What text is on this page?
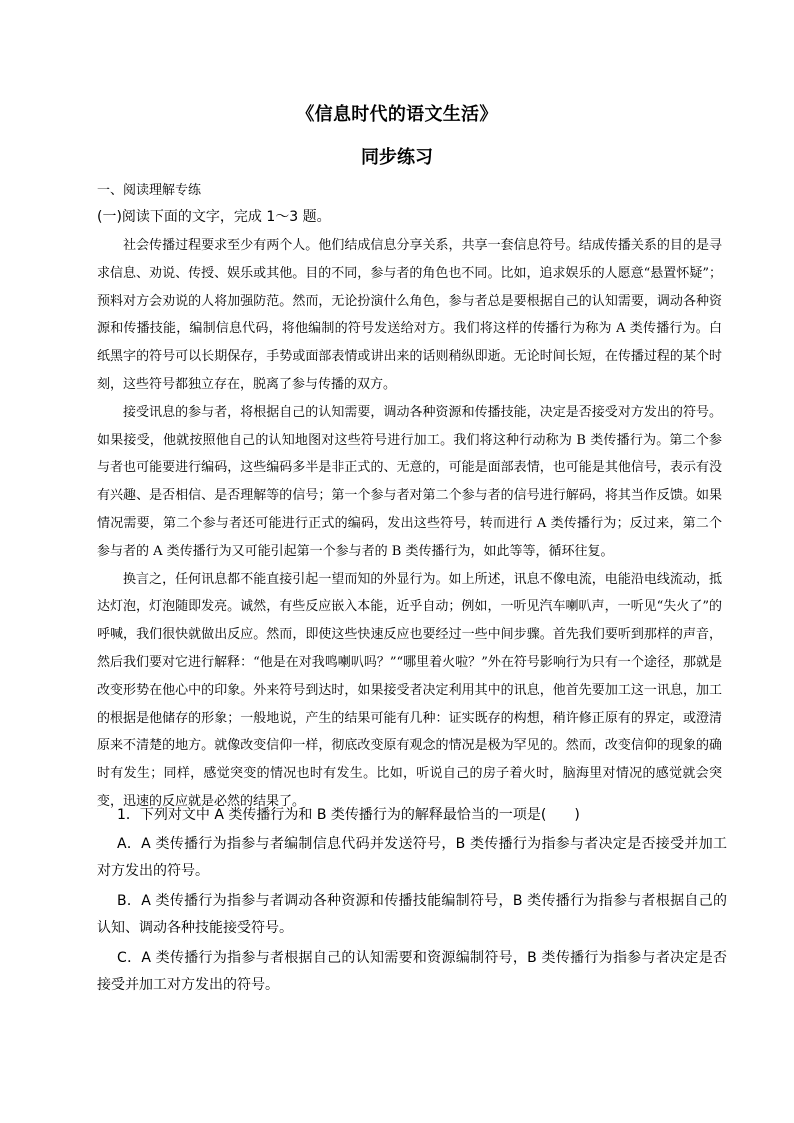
《信息时代的语文生活》
同步练习
一、阅读理解专练
(一)阅读下面的文字，完成 1～3 题。

社会传播过程要求至少有两个人。他们结成信息分享关系，共享一套信息符号。结成传播关系的目的是寻求信息、劝说、传授、娱乐或其他。目的不同，参与者的角色也不同。比如，追求娱乐的人愿意“悬置怀疑”；预料对方会劝说的人将加强防范。然而，无论扮演什么角色，参与者总是要根据自己的认知需要，调动各种资源和传播技能，编制信息代码，将他编制的符号发送给对方。我们将这样的传播行为称为 A 类传播行为。白纸黑字的符号可以长期保存，手势或面部表情或讲出来的话则稍纵即逝。无论时间长短，在传播过程的某个时刻，这些符号都独立存在，脱离了参与传播的双方。

接受讯息的参与者，将根据自己的认知需要，调动各种资源和传播技能，决定是否接受对方发出的符号。如果接受，他就按照他自己的认知地图对这些符号进行加工。我们将这种行动称为 B 类传播行为。第二个参与者也可能要进行编码，这些编码多半是非正式的、无意的，可能是面部表情，也可能是其他信号，表示有没有兴趣、是否相信、是否理解等的信号；第一个参与者对第二个参与者的信号进行解码，将其当作反馈。如果情况需要，第二个参与者还可能进行正式的编码，发出这些符号，转而进行 A 类传播行为；反过来，第二个参与者的 A 类传播行为又可能引起第一个参与者的 B 类传播行为，如此等等，循环往复。

换言之，任何讯息都不能直接引起一望而知的外显行为。如上所述，讯息不像电流，电能沿电线流动，抵达灯泡，灯泡随即发亮。诚然，有些反应嵌入本能，近乎自动；例如，一听见汽车喇叭声，一听见“失火了”的呼喊，我们很快就做出反应。然而，即使这些快速反应也要经过一些中间步骤。首先我们要听到那样的声音，然后我们要对它进行解释：“他是在对我鸣喇叭吗？”“哪里着火啦？”外在符号影响行为只有一个途径，那就是改变形势在他心中的印象。外来符号到达时，如果接受者决定利用其中的讯息，他首先要加工这一讯息，加工的根据是他储存的形象；一般地说，产生的结果可能有几种：证实既存的构想，稍许修正原有的界定，或澄清原来不清楚的地方。就像改变信仰一样，彻底改变原有观念的情况是极为罕见的。然而，改变信仰的现象的确时有发生；同样，感觉突变的情况也时有发生。比如，听说自己的房子着火时，脑海里对情况的感觉就会突变，迅速的反应就是必然的结果了。

1．下列对文中 A 类传播行为和 B 类传播行为的解释最恰当的一项是(　　)

A．A 类传播行为指参与者编制信息代码并发送符号，B 类传播行为指参与者决定是否接受并加工对方发出的符号。

B．A 类传播行为指参与者调动各种资源和传播技能编制符号，B 类传播行为指参与者根据自己的认知、调动各种技能接受符号。

C．A 类传播行为指参与者根据自己的认知需要和资源编制符号，B 类传播行为指参与者决定是否接受并加工对方发出的符号。
